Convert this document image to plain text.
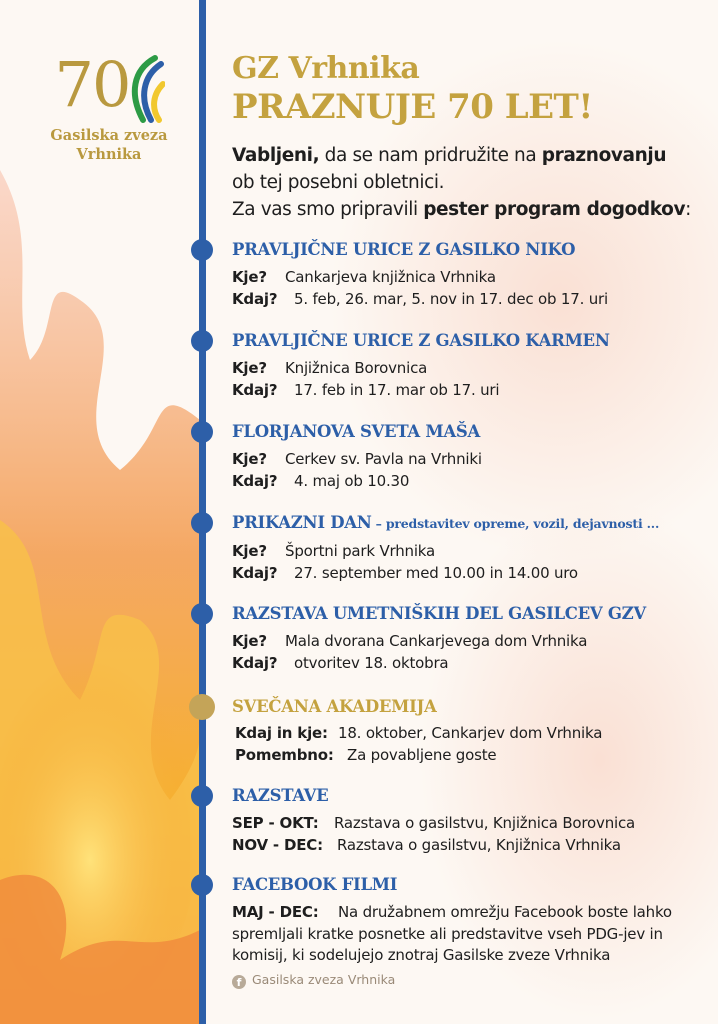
70
Gasilska zveza
Vrhnika
GZ Vrhnika
PRAZNUJE 70 LET!
Vabljeni, da se nam pridružite na praznovanju
ob tej posebni obletnici.
Za vas smo pripravili pester program dogodkov:
PRAVLJIČNE URICE Z GASILKO NIKO
Kje? Cankarjeva knjižnica Vrhnika
Kdaj? 5. feb, 26. mar, 5. nov in 17. dec ob 17. uri
PRAVLJIČNE URICE Z GASILKO KARMEN
Kje? Knjižnica Borovnica
Kdaj? 17. feb in 17. mar ob 17. uri
FLORJANOVA SVETA MAŠA
Kje? Cerkev sv. Pavla na Vrhniki
Kdaj? 4. maj ob 10.30
PRIKAZNI DAN – predstavitev opreme, vozil, dejavnosti ...
Kje? Športni park Vrhnika
Kdaj? 27. september med 10.00 in 14.00 uro
RAZSTAVA UMETNIŠKIH DEL GASILCEV GZV
Kje? Mala dvorana Cankarjevega dom Vrhnika
Kdaj? otvoritev 18. oktobra
SVEČANA AKADEMIJA
Kdaj in kje: 18. oktober, Cankarjev dom Vrhnika
Pomembno: Za povabljene goste
RAZSTAVE
SEP - OKT: Razstava o gasilstvu, Knjižnica Borovnica
NOV - DEC: Razstava o gasilstvu, Knjižnica Vrhnika
FACEBOOK FILMI
MAJ - DEC: Na družabnem omrežju Facebook boste lahko
spremljali kratke posnetke ali predstavitve vseh PDG-jev in
komisij, ki sodelujejo znotraj Gasilske zveze Vrhnika
f Gasilska zveza Vrhnika
